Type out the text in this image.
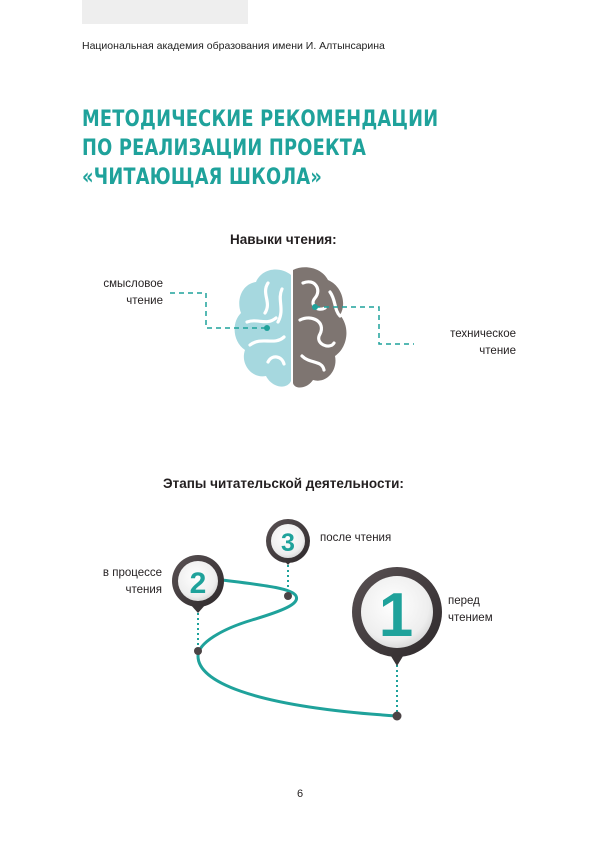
Национальная академия образования имени И. Алтынсарина
МЕТОДИЧЕСКИЕ РЕКОМЕНДАЦИИ
ПО РЕАЛИЗАЦИИ ПРОЕКТА
«ЧИТАЮЩАЯ ШКОЛА»
Навыки чтения:
2
3
1
смысловое
чтение
техническое
чтение
Этапы читательской деятельности:
после чтения
в процессе
чтения
перед
чтением
6
